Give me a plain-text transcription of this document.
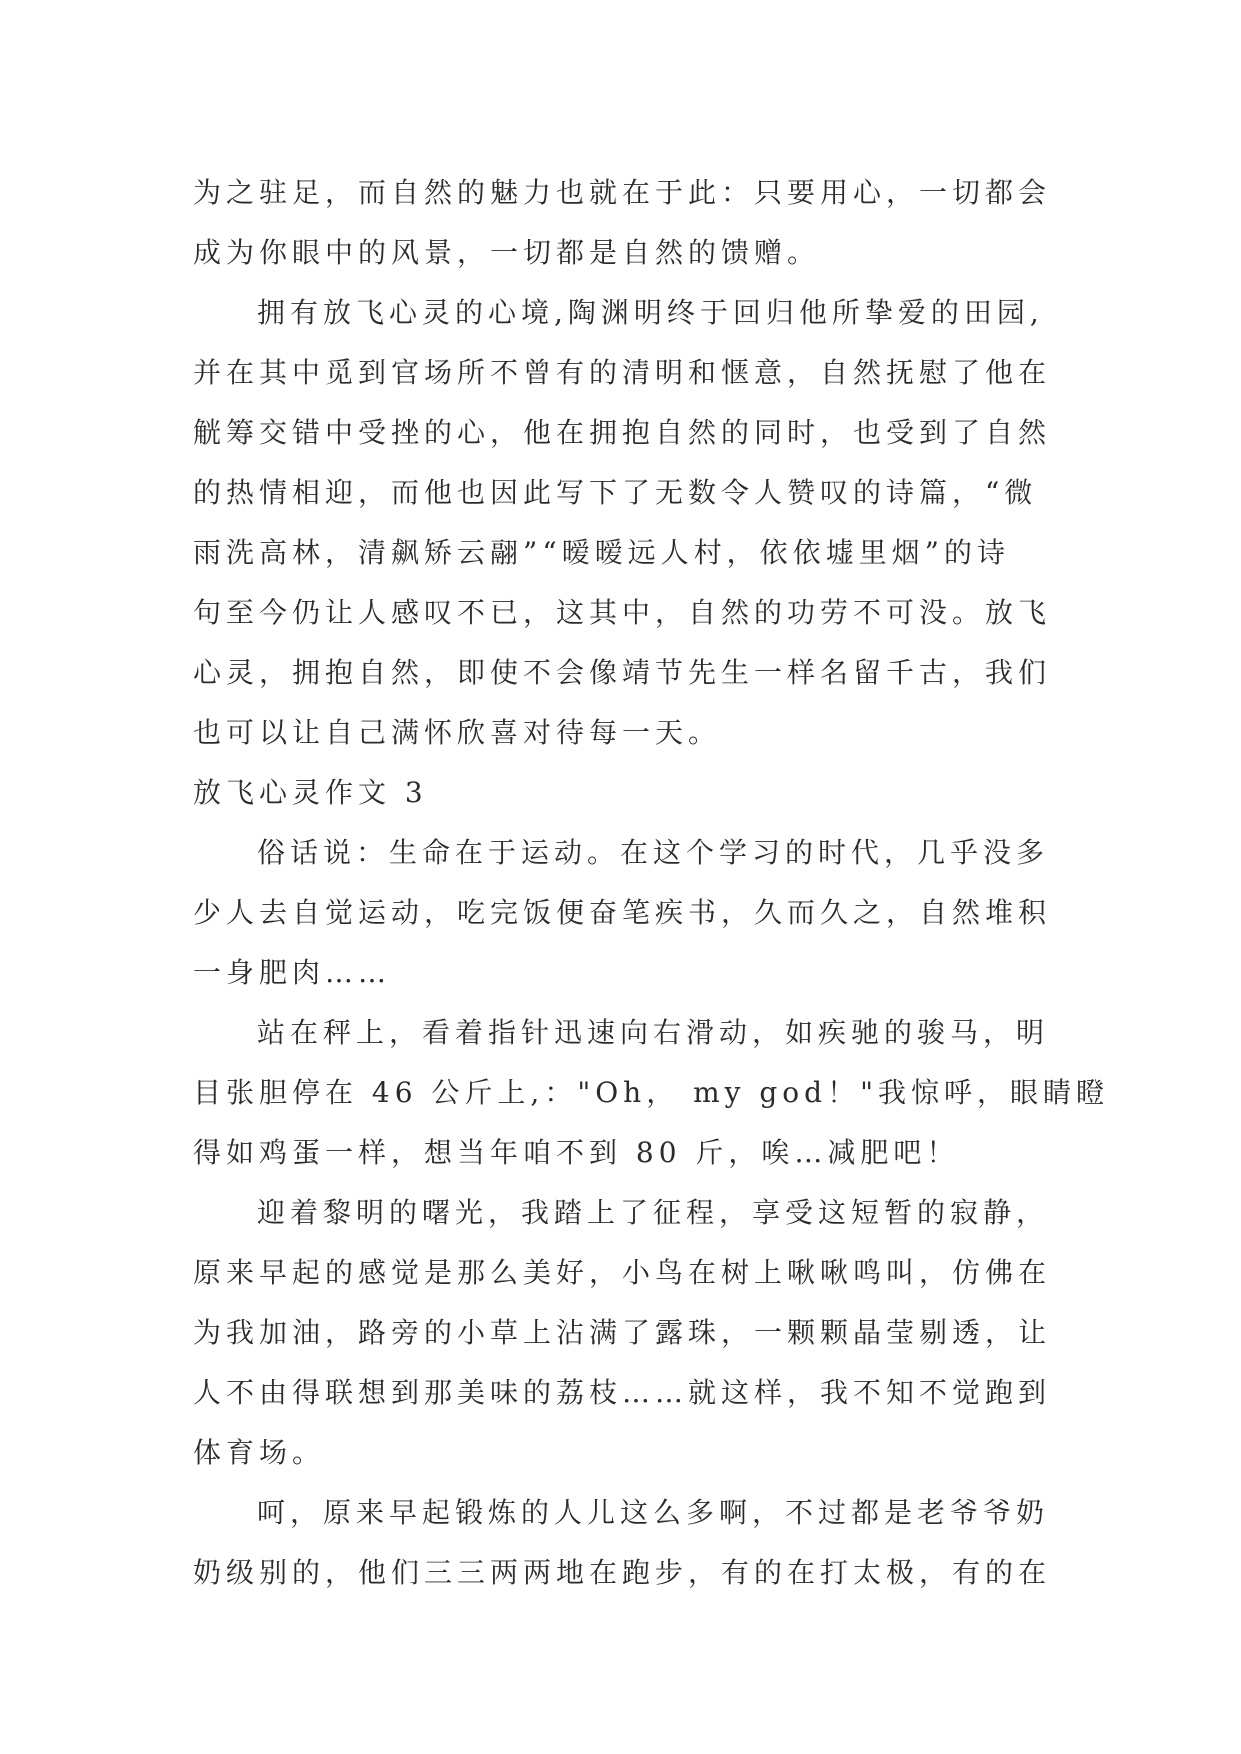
为之驻足，而自然的魅力也就在于此：只要用心，一切都会
成为你眼中的风景，一切都是自然的馈赠。
拥有放飞心灵的心境,陶渊明终于回归他所挚爱的田园,
并在其中觅到官场所不曾有的清明和惬意，自然抚慰了他在
觥筹交错中受挫的心，他在拥抱自然的同时，也受到了自然
的热情相迎，而他也因此写下了无数令人赞叹的诗篇，“微
雨洗高林，清飙矫云翮”“暧暧远人村，依依墟里烟”的诗
句至今仍让人感叹不已，这其中，自然的功劳不可没。放飞
心灵，拥抱自然，即使不会像靖节先生一样名留千古，我们
也可以让自己满怀欣喜对待每一天。
放飞心灵作文 3
俗话说：生命在于运动。在这个学习的时代，几乎没多
少人去自觉运动，吃完饭便奋笔疾书，久而久之，自然堆积
一身肥肉……
站在秤上，看着指针迅速向右滑动，如疾驰的骏马，明
目张胆停在 46 公斤上,："Oh， my god！"我惊呼，眼睛瞪
得如鸡蛋一样，想当年咱不到 80 斤，唉…减肥吧！
迎着黎明的曙光，我踏上了征程，享受这短暂的寂静，
原来早起的感觉是那么美好，小鸟在树上啾啾鸣叫，仿佛在
为我加油，路旁的小草上沾满了露珠，一颗颗晶莹剔透，让
人不由得联想到那美味的荔枝……就这样，我不知不觉跑到
体育场。
呵，原来早起锻炼的人儿这么多啊，不过都是老爷爷奶
奶级别的，他们三三两两地在跑步，有的在打太极，有的在
